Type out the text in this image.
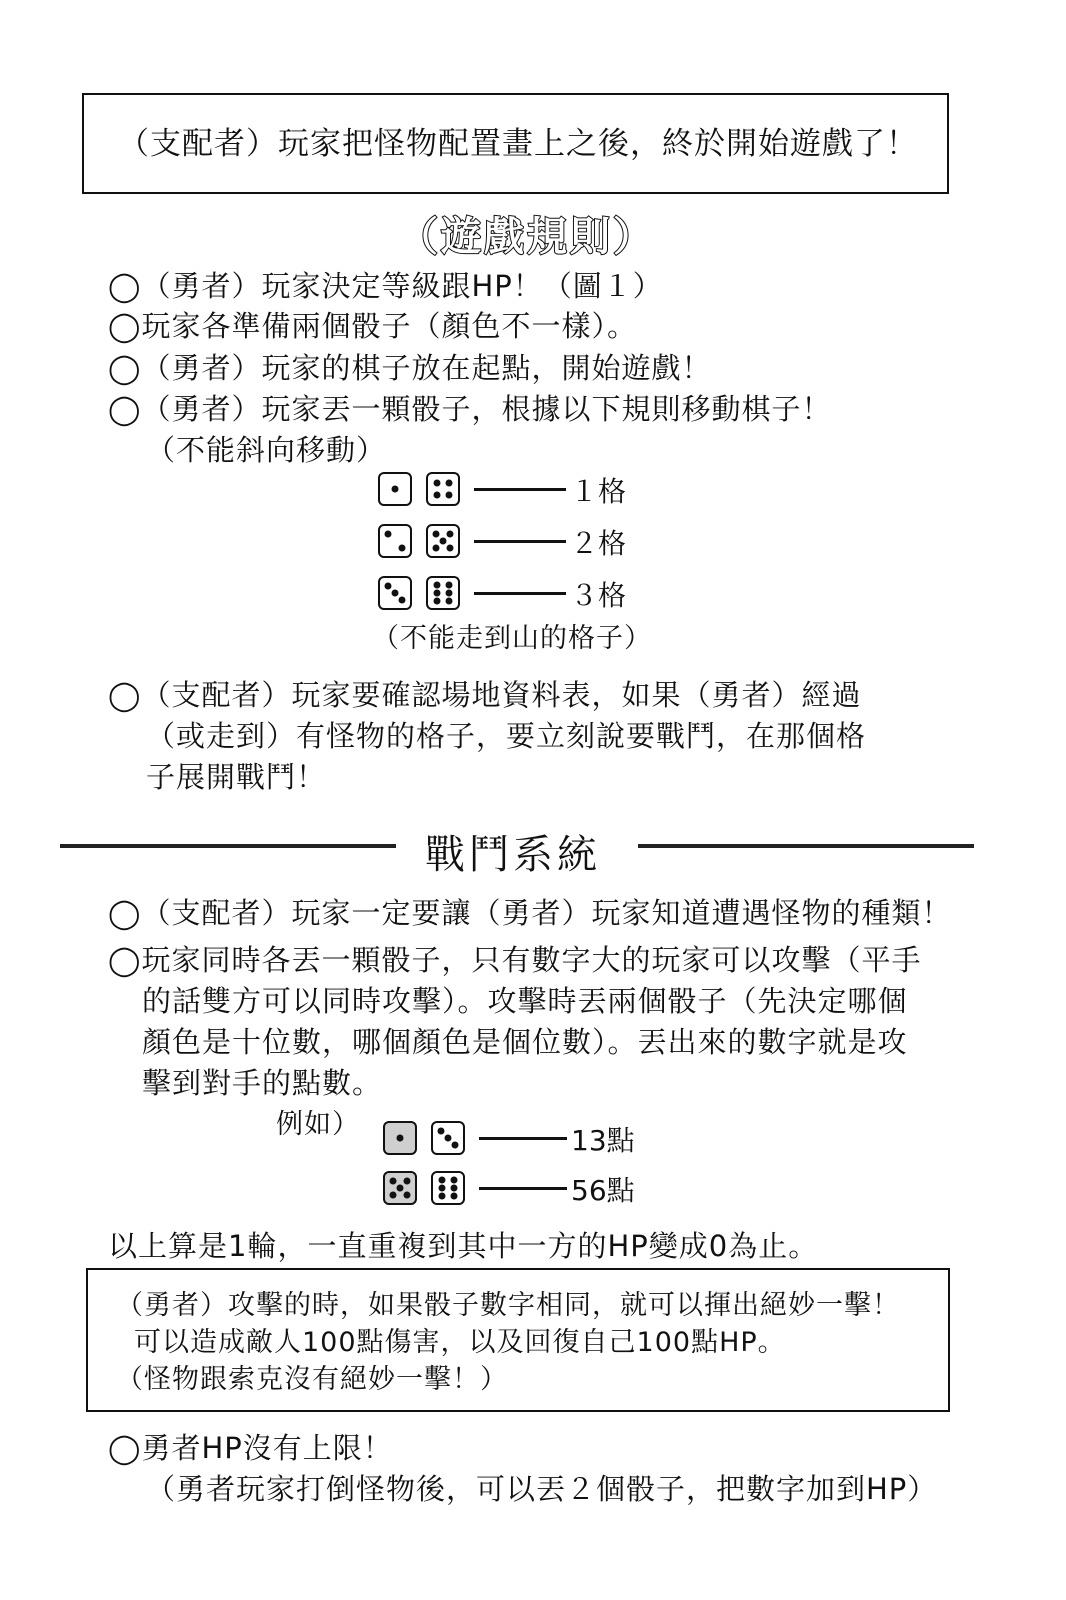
（支配者）玩家把怪物配置畫上之後，終於開始遊戲了！
（遊戲規則）
◯（勇者）玩家決定等級跟HP！（圖１）
◯玩家各準備兩個骰子（顏色不一樣）。
◯（勇者）玩家的棋子放在起點，開始遊戲！
◯（勇者）玩家丟一顆骰子，根據以下規則移動棋子！
（不能斜向移動）
１格
２格
３格
（不能走到山的格子）
◯（支配者）玩家要確認場地資料表，如果（勇者）經過
（或走到）有怪物的格子，要立刻說要戰鬥，在那個格
子展開戰鬥！
戰鬥系統
◯（支配者）玩家一定要讓（勇者）玩家知道遭遇怪物的種類！
◯玩家同時各丟一顆骰子，只有數字大的玩家可以攻擊（平手
的話雙方可以同時攻擊）。攻擊時丟兩個骰子（先決定哪個
顏色是十位數，哪個顏色是個位數）。丟出來的數字就是攻
擊到對手的點數。
例如）	13點
56點
以上算是1輪，一直重複到其中一方的HP變成0為止。
（勇者）攻擊的時，如果骰子數字相同，就可以揮出絕妙一擊！
可以造成敵人100點傷害，以及回復自己100點HP。
（怪物跟索克沒有絕妙一擊！）
◯勇者HP沒有上限！
（勇者玩家打倒怪物後，可以丟２個骰子，把數字加到HP）
